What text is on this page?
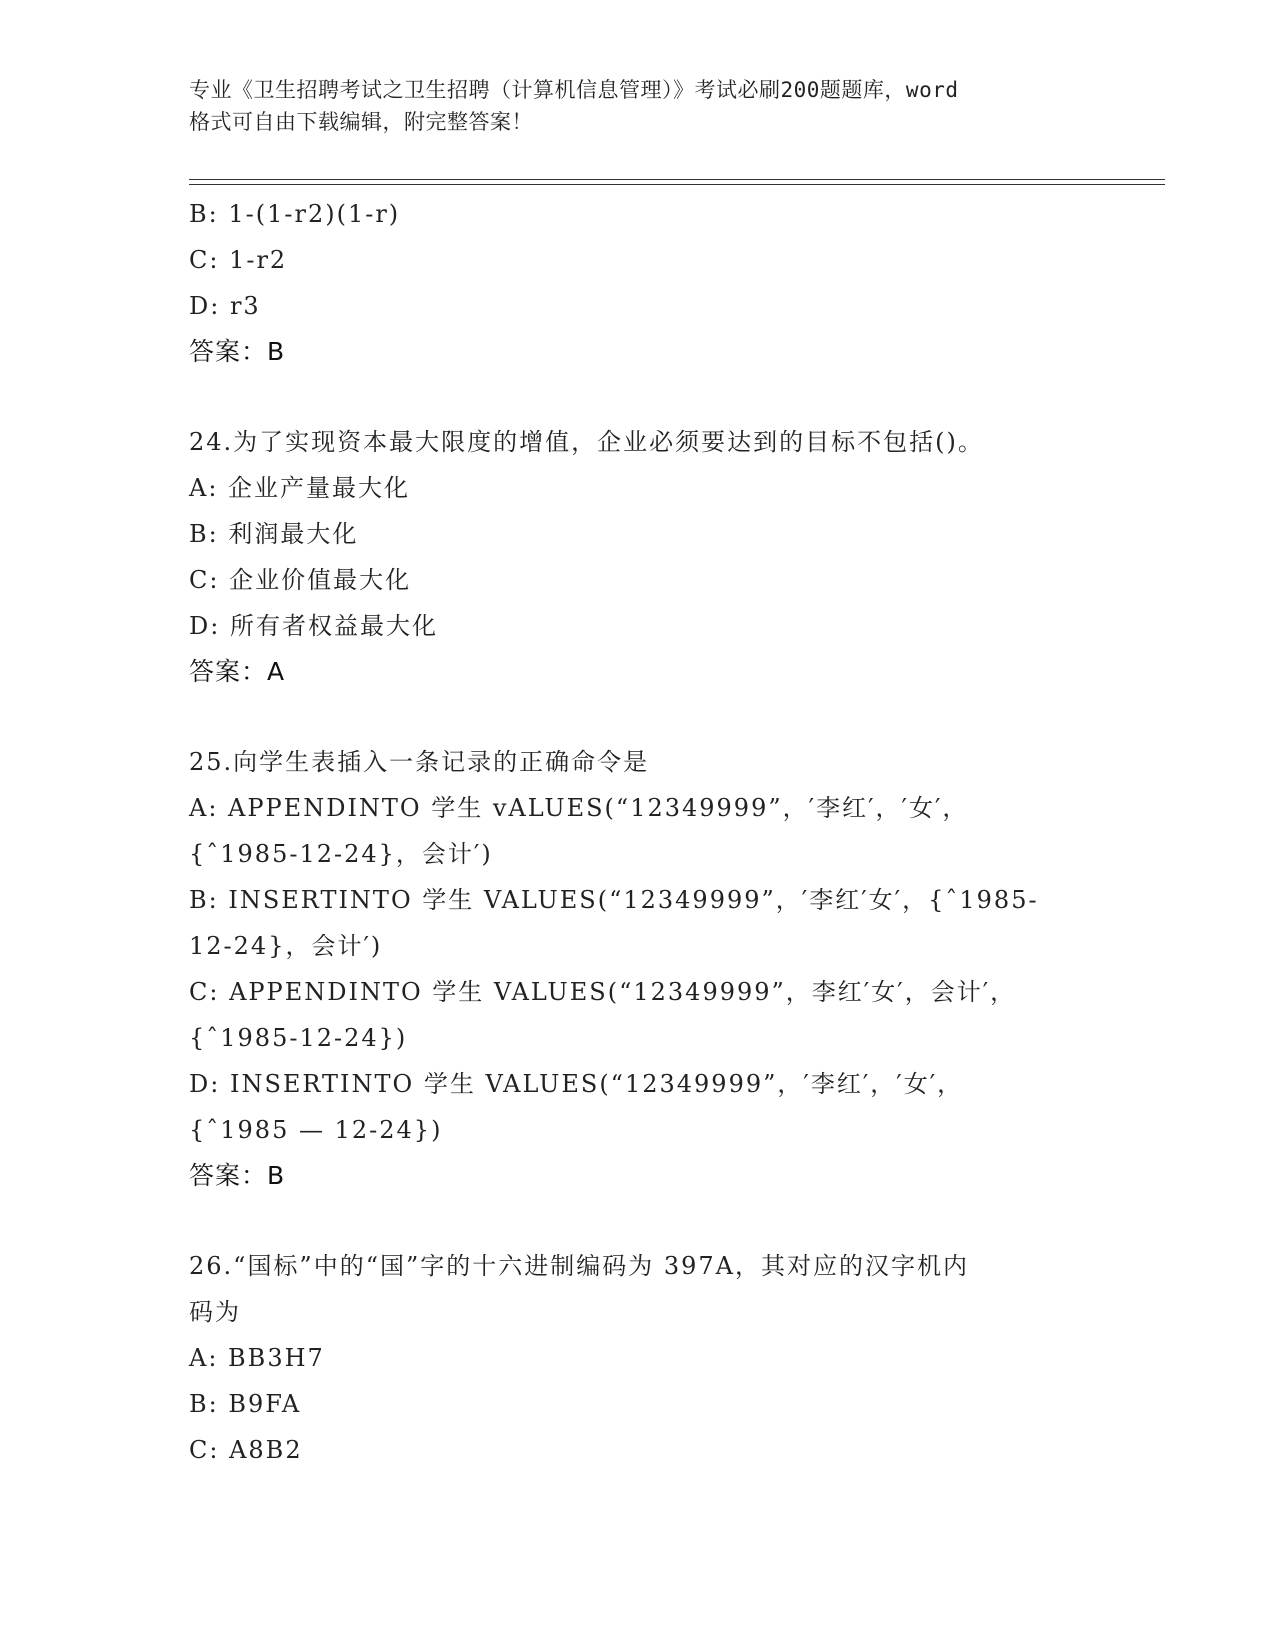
专业《卫生招聘考试之卫生招聘（计算机信息管理）》考试必刷200题题库，word
格式可自由下载编辑，附完整答案！
B: 1-(1-r2)(1-r)
C: 1-r2
D: r3
答案：B
24.为了实现资本最大限度的增值，企业必须要达到的目标不包括()。
A: 企业产量最大化
B: 利润最大化
C: 企业价值最大化
D: 所有者权益最大化
答案：A
25.向学生表插入一条记录的正确命令是
A: APPENDINTO 学生 vALUES(“12349999”，′李红′，′女′，
{ˆ1985-12-24}，会计′)
B: INSERTINTO 学生 VALUES(“12349999”，′李红′女′，{ˆ1985-
12-24}，会计′)
C: APPENDINTO 学生 VALUES(“12349999”，李红′女′，会计′，
{ˆ1985-12-24})
D: INSERTINTO 学生 VALUES(“12349999”，′李红′，′女′，
{ˆ1985 — 12-24})
答案：B
26.“国标”中的“国”字的十六进制编码为 397A，其对应的汉字机内
码为
A: BB3H7
B: B9FA
C: A8B2
